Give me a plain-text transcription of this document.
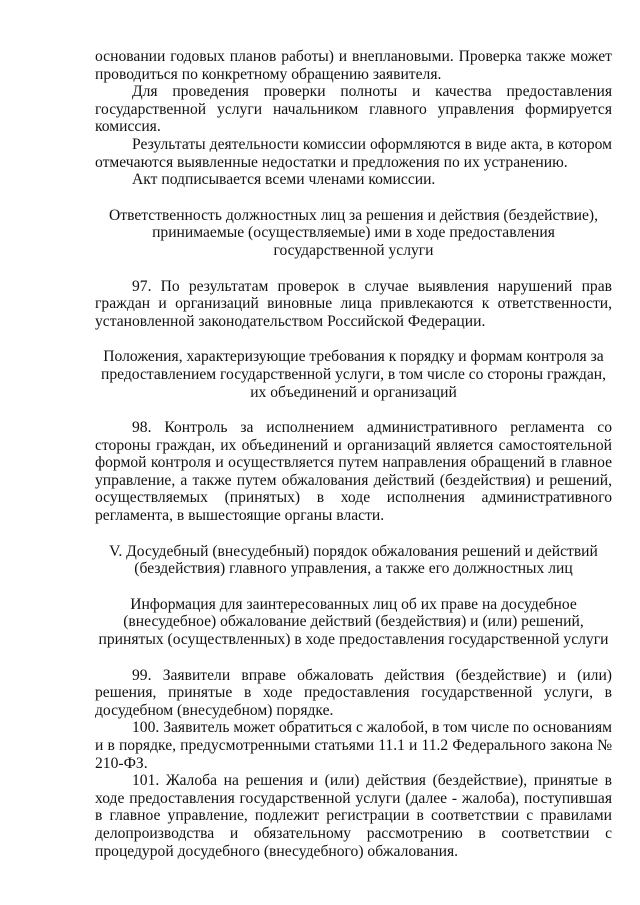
основании годовых планов работы) и внеплановыми. Проверка также может проводиться по конкретному обращению заявителя.

Для проведения проверки полноты и качества предоставления государственной услуги начальником главного управления формируется комиссия.

Результаты деятельности комиссии оформляются в виде акта, в котором отмечаются выявленные недостатки и предложения по их устранению.

Акт подписывается всеми членами комиссии.

Ответственность должностных лиц за решения и действия (бездействие), принимаемые (осуществляемые) ими в ходе предоставления государственной услуги

97. По результатам проверок в случае выявления нарушений прав граждан и организаций виновные лица привлекаются к ответственности, установленной законодательством Российской Федерации.

Положения, характеризующие требования к порядку и формам контроля за предоставлением государственной услуги, в том числе со стороны граждан, их объединений и организаций

98. Контроль за исполнением административного регламента со стороны граждан, их объединений и организаций является самостоятельной формой контроля и осуществляется путем направления обращений в главное управление, а также путем обжалования действий (бездействия) и решений, осуществляемых (принятых) в ходе исполнения административного регламента, в вышестоящие органы власти.

V. Досудебный (внесудебный) порядок обжалования решений и действий (бездействия) главного управления, а также его должностных лиц

Информация для заинтересованных лиц об их праве на досудебное (внесудебное) обжалование действий (бездействия) и (или) решений, принятых (осуществленных) в ходе предоставления государственной услуги

99. Заявители вправе обжаловать действия (бездействие) и (или) решения, принятые в ходе предоставления государственной услуги, в досудебном (внесудебном) порядке.

100. Заявитель может обратиться с жалобой, в том числе по основаниям и в порядке, предусмотренными статьями 11.1 и 11.2 Федерального закона № 210-ФЗ.

101. Жалоба на решения и (или) действия (бездействие), принятые в ходе предоставления государственной услуги (далее - жалоба), поступившая в главное управление, подлежит регистрации в соответствии с правилами делопроизводства и обязательному рассмотрению в соответствии с процедурой досудебного (внесудебного) обжалования.
